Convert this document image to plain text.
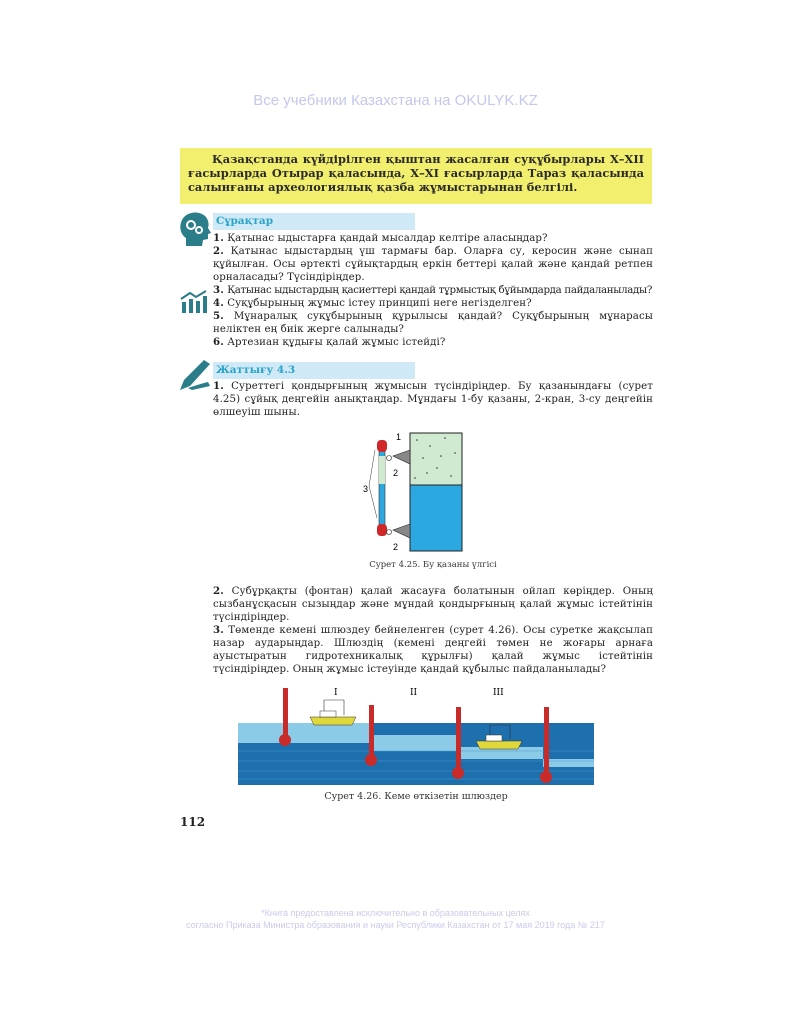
Все учебники Казахстана на OKULYK.KZ
Қазақстанда күйдірілген қыштан жасалған суқұбырлары X–XII ғасырларда Отырар қаласында, X–XI ғасырларда Тараз қаласында салынғаны археологиялық қазба жұмыстарынан белгілі.
Сұрақтар

1. Қатынас ыдыстарға қандай мысалдар келтіре аласыңдар?

2. Қатынас ыдыстардың үш тармағы бар. Оларға су, керосин және сынап құйылған. Осы әртекті сұйықтардың еркін беттері қалай және қандай ретпен орналасады? Түсіндіріңдер.

3. Қатынас ыдыстардың қасиеттері қандай тұрмыстық бұйымдарда пайдаланылады?

4. Суқұбырының жұмыс істеу принципі неге негізделген?

5. Мұнаралық суқұбырының құрылысы қандай? Суқұбырының мұнарасы неліктен ең биік жерге салынады?

6. Артезиан құдығы қалай жұмыс істейді?

Жаттығу 4.3

1. Суреттегі қондырғының жұмысын түсіндіріңдер. Бу қазанындағы (сурет 4.25) сұйық деңгейін анықтаңдар. Мұндағы 1-бу қазаны, 2-кран, 3-су деңгейін өлшеуіш шыны.

1
2
2
3
Сурет 4.25. Бу қазаны үлгісі

2. Субұрқақты (фонтан) қалай жасауға болатынын ойлап көріңдер. Оның сызбанұсқасын сызыңдар және мұндай қондырғының қалай жұмыс істейтінін түсіндіріңдер.

3. Төменде кемені шлюздеу бейнеленген (сурет 4.26). Осы суретке жақсылап назар аударыңдар. Шлюздің (кемені деңгейі төмен не жоғары арнаға ауыстыратын гидротехникалық құрылғы) қалай жұмыс істейтінін түсіндіріңдер. Оның жұмыс істеуінде қандай құбылыс пайдаланылады?

I	II	III
Сурет 4.26. Кеме өткізетін шлюздер
112
*Книга предоставлена исключительно в образовательных целях
согласно Приказа Министра образования и науки Республики Казахстан от 17 мая 2019 года № 217
